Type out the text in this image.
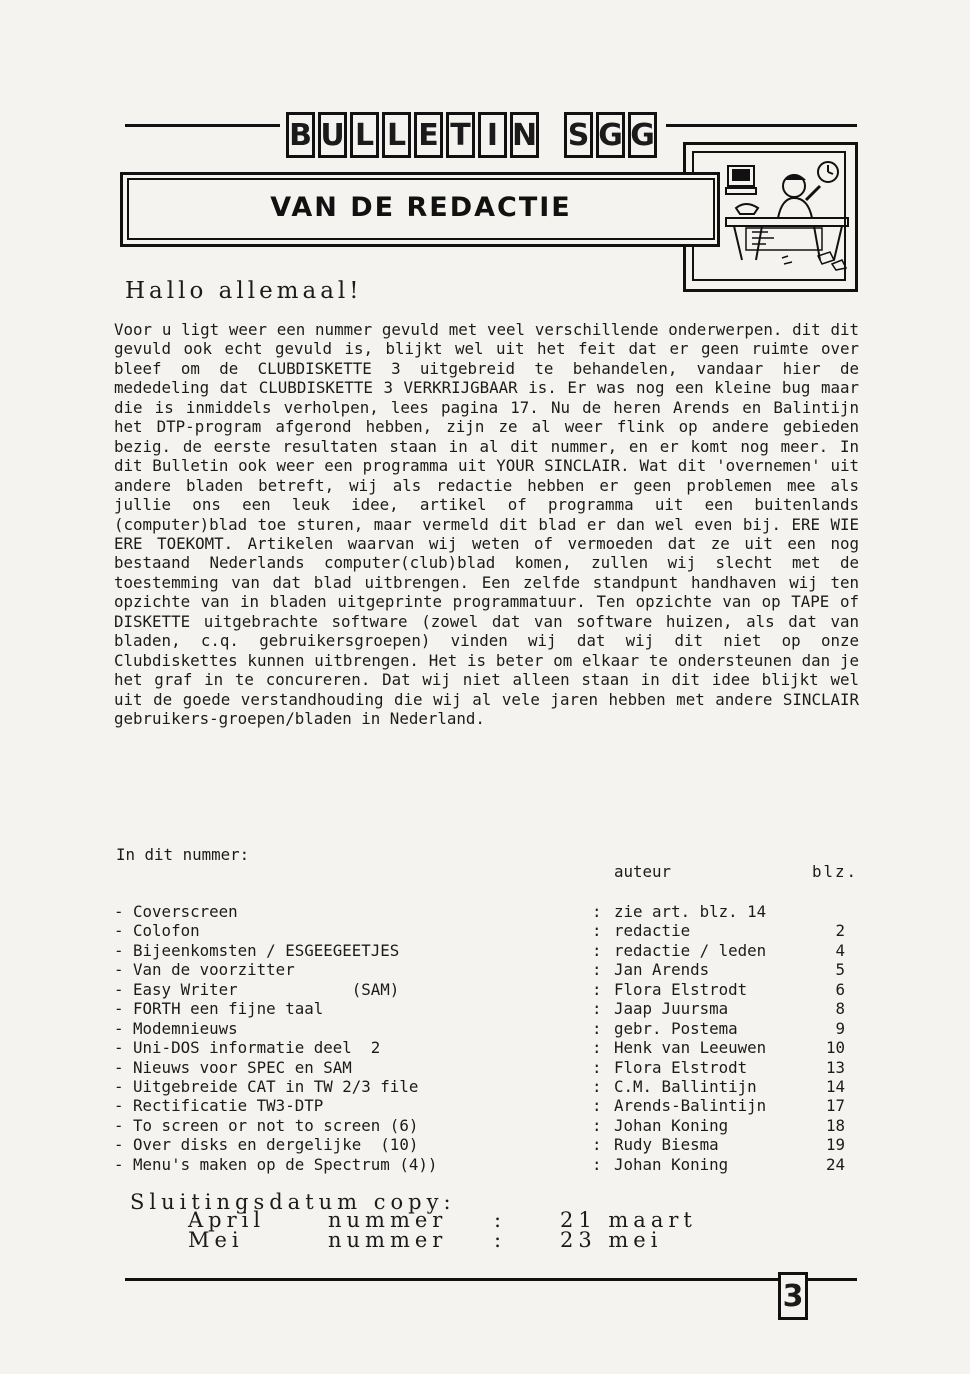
B U L L E T I N S G G
VAN DE REDACTIE
Hallo allemaal!

Voor u ligt weer een nummer gevuld met veel verschillende onderwerpen. dit dit gevuld ook echt gevuld is, blijkt wel uit het feit dat er geen ruimte over bleef om de CLUBDISKETTE 3 uitgebreid te behandelen, vandaar hier de mededeling dat CLUBDISKETTE 3 VERKRIJGBAAR is. Er was nog een kleine bug maar die is inmiddels verholpen, lees pagina 17. Nu de heren Arends en Balintijn het DTP-program afgerond hebben, zijn ze al weer flink op andere gebieden bezig. de eerste resultaten staan in al dit nummer, en er komt nog meer. In dit Bulletin ook weer een programma uit YOUR SINCLAIR. Wat dit 'overnemen' uit andere bladen betreft, wij als redactie hebben er geen problemen mee als jullie ons een leuk idee, artikel of programma uit een buitenlands (computer)blad toe sturen, maar vermeld dit blad er dan wel even bij. ERE WIE ERE TOEKOMT. Artikelen waarvan wij weten of vermoeden dat ze uit een nog bestaand Nederlands computer(club)blad komen, zullen wij slecht met de toestemming van dat blad uitbrengen. Een zelfde standpunt handhaven wij ten opzichte van in bladen uitgeprinte programmatuur. Ten opzichte van op TAPE of DISKETTE uitgebrachte software (zowel dat van software huizen, als dat van bladen, c.q. gebruikersgroepen) vinden wij dat wij dit niet op onze Clubdiskettes kunnen uitbrengen. Het is beter om elkaar te ondersteunen dan je het graf in te concureren. Dat wij niet alleen staan in dit idee blijkt wel uit de goede verstandhouding die wij al vele jaren hebben met andere SINCLAIR gebruikers-groepen/bladen in Nederland.

In dit nummer:
auteur	blz.
- Coverscreen	: zie art. blz. 14
- Colofon	: redactie	2
- Bijeenkomsten / ESGEEGEETJES	: redactie / leden	4
- Van de voorzitter	: Jan Arends	5
- Easy Writer            (SAM)	: Flora Elstrodt	6
- FORTH een fijne taal	: Jaap Juursma	8
- Modemnieuws	: gebr. Postema	9
- Uni-DOS informatie deel  2	: Henk van Leeuwen	10
- Nieuws voor SPEC en SAM	: Flora Elstrodt	13
- Uitgebreide CAT in TW 2/3 file	: C.M. Ballintijn	14
- Rectificatie TW3-DTP	: Arends-Balintijn	17
- To screen or not to screen (6)	: Johan Koning	18
- Over disks en dergelijke  (10)	: Rudy Biesma	19
- Menu's maken op de Spectrum (4))	: Johan Koning	24
Sluitingsdatum copy:
April	nummer :	21 maart
Mei	nummer :	23 mei
3
